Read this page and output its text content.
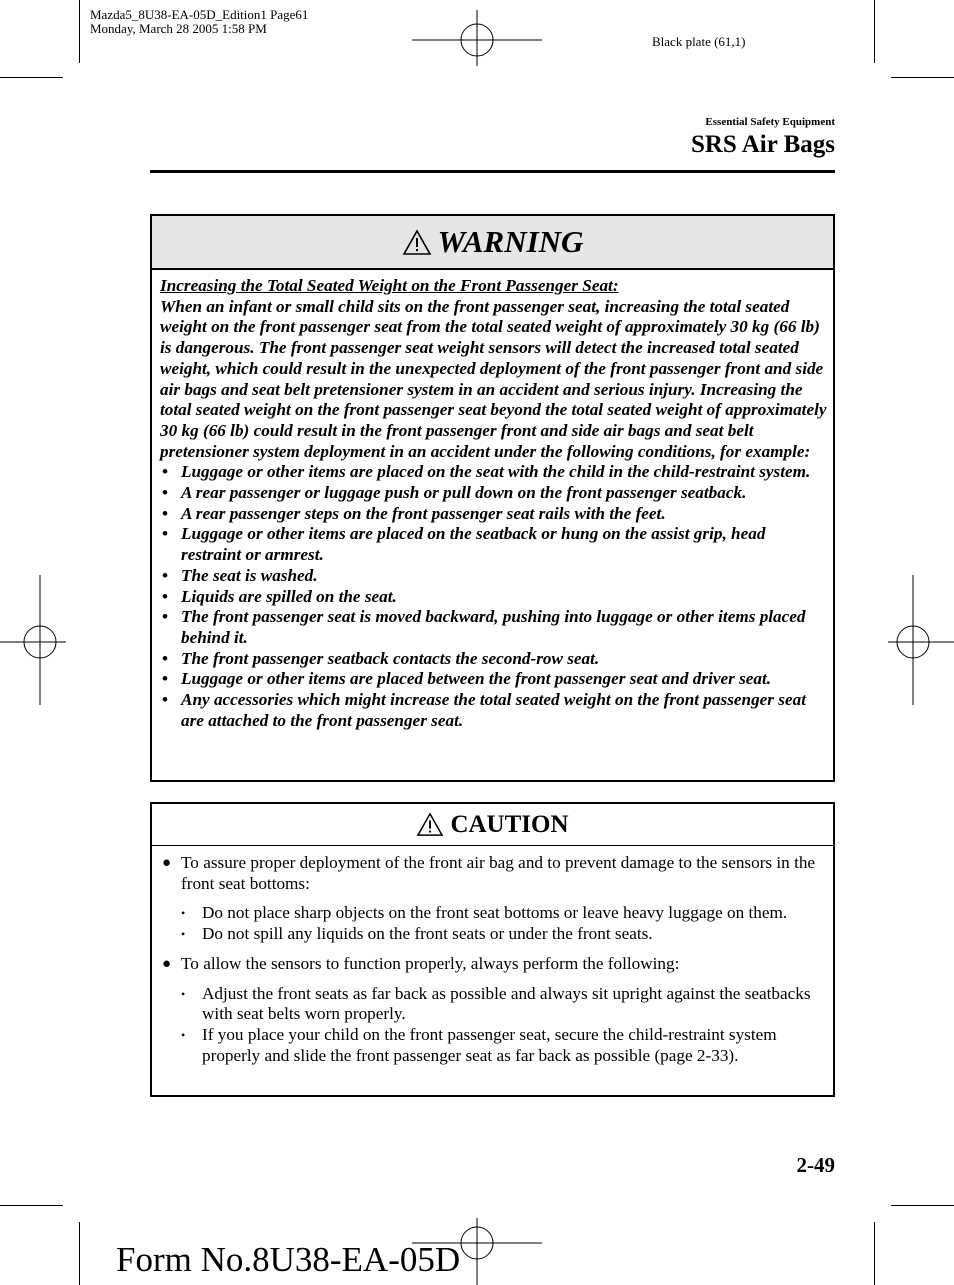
Mazda5_8U38-EA-05D_Edition1 Page61
Monday, March 28 2005 1:58 PM
Black plate (61,1)
Essential Safety Equipment
SRS Air Bags
WARNING

Increasing the Total Seated Weight on the Front Passenger Seat:

When an infant or small child sits on the front passenger seat, increasing the total seated weight on the front passenger seat from the total seated weight of approximately 30 kg (66 lb) is dangerous. The front passenger seat weight sensors will detect the increased total seated weight, which could result in the unexpected deployment of the front passenger front and side air bags and seat belt pretensioner system in an accident and serious injury. Increasing the total seated weight on the front passenger seat beyond the total seated weight of approximately 30 kg (66 lb) could result in the front passenger front and side air bags and seat belt pretensioner system deployment in an accident under the following conditions, for example:

• Luggage or other items are placed on the seat with the child in the child-restraint system.
• A rear passenger or luggage push or pull down on the front passenger seatback.
• A rear passenger steps on the front passenger seat rails with the feet.
• Luggage or other items are placed on the seatback or hung on the assist grip, head restraint or armrest.
• The seat is washed.
• Liquids are spilled on the seat.
• The front passenger seat is moved backward, pushing into luggage or other items placed behind it.
• The front passenger seatback contacts the second-row seat.
• Luggage or other items are placed between the front passenger seat and driver seat.
• Any accessories which might increase the total seated weight on the front passenger seat are attached to the front passenger seat.
CAUTION
● To assure proper deployment of the front air bag and to prevent damage to the sensors in the front seat bottoms:
• Do not place sharp objects on the front seat bottoms or leave heavy luggage on them.
• Do not spill any liquids on the front seats or under the front seats.
● To allow the sensors to function properly, always perform the following:
• Adjust the front seats as far back as possible and always sit upright against the seatbacks with seat belts worn properly.
• If you place your child on the front passenger seat, secure the child-restraint system properly and slide the front passenger seat as far back as possible (page 2-33).
2-49
Form No.8U38-EA-05D
